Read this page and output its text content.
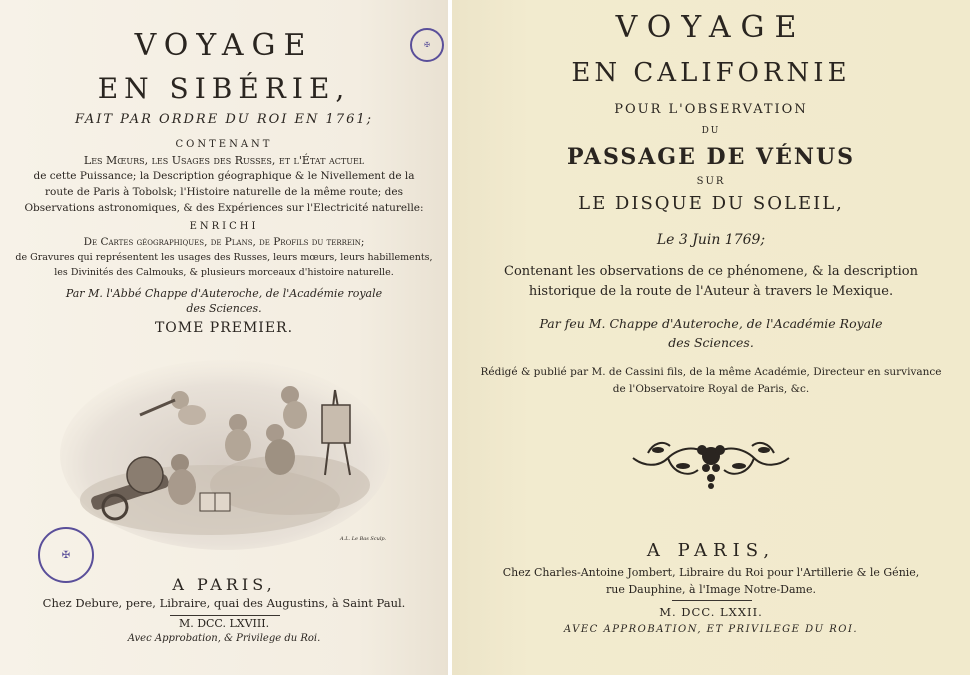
VOYAGE
EN SIBÉRIE,
FAIT PAR ORDRE DU ROI EN 1761;
CONTENANT
Les Mœurs, les Usages des Russes, et l'État actuel
de cette Puissance; la Description géographique & le Nivellement de la
route de Paris à Tobolsk; l'Histoire naturelle de la même route; des
Observations astronomiques, & des Expériences sur l'Electricité naturelle:
ENRICHI
De Cartes géographiques, de Plans, de Profils du terrein;
de Gravures qui représentent les usages des Russes, leurs mœurs, leurs habillements,
les Divinités des Calmouks, & plusieurs morceaux d'histoire naturelle.
Par M. l'Abbé Chappe d'Auteroche, de l'Académie royale
des Sciences.
TOME PREMIER.
A.L. Le Bas Sculp.
✠
✠
A PARIS,
Chez Debure, pere, Libraire, quai des Augustins, à Saint Paul.
M. DCC. LXVIII.
Avec Approbation, & Privilege du Roi.
VOYAGE
EN CALIFORNIE
POUR L'OBSERVATION
DU
PASSAGE DE VÉNUS
SUR
LE DISQUE DU SOLEIL,
Le 3 Juin 1769;
Contenant les observations de ce phénomene, & la description
historique de la route de l'Auteur à travers le Mexique.
Par feu M. Chappe d'Auteroche, de l'Académie Royale
des Sciences.
Rédigé & publié par M. de Cassini fils, de la même Académie, Directeur en survivance
de l'Observatoire Royal de Paris, &c.
A PARIS,
Chez Charles-Antoine Jombert, Libraire du Roi pour l'Artillerie & le Génie,
rue Dauphine, à l'Image Notre-Dame.
M. DCC. LXXII.
AVEC APPROBATION, ET PRIVILEGE DU ROI.
